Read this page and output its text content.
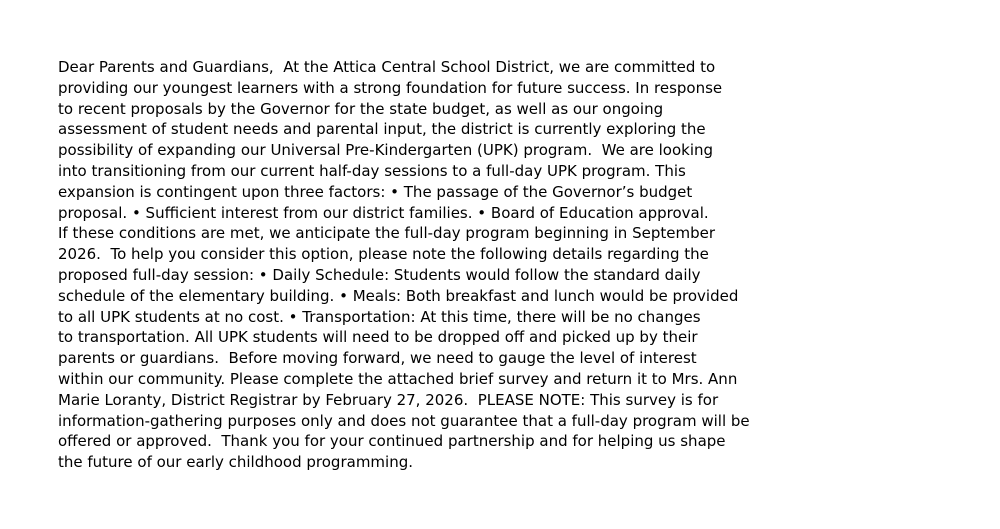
Dear Parents and Guardians,  At the Attica Central School District, we are committed to
providing our youngest learners with a strong foundation for future success. In response
to recent proposals by the Governor for the state budget, as well as our ongoing
assessment of student needs and parental input, the district is currently exploring the
possibility of expanding our Universal Pre-Kindergarten (UPK) program.  We are looking
into transitioning from our current half-day sessions to a full-day UPK program. This
expansion is contingent upon three factors: • The passage of the Governor’s budget
proposal. • Sufficient interest from our district families. • Board of Education approval.
If these conditions are met, we anticipate the full-day program beginning in September
2026.  To help you consider this option, please note the following details regarding the
proposed full-day session: • Daily Schedule: Students would follow the standard daily
schedule of the elementary building. • Meals: Both breakfast and lunch would be provided
to all UPK students at no cost. • Transportation: At this time, there will be no changes
to transportation. All UPK students will need to be dropped off and picked up by their
parents or guardians.  Before moving forward, we need to gauge the level of interest
within our community. Please complete the attached brief survey and return it to Mrs. Ann
Marie Loranty, District Registrar by February 27, 2026.  PLEASE NOTE: This survey is for
information-gathering purposes only and does not guarantee that a full-day program will be
offered or approved.  Thank you for your continued partnership and for helping us shape
the future of our early childhood programming.
